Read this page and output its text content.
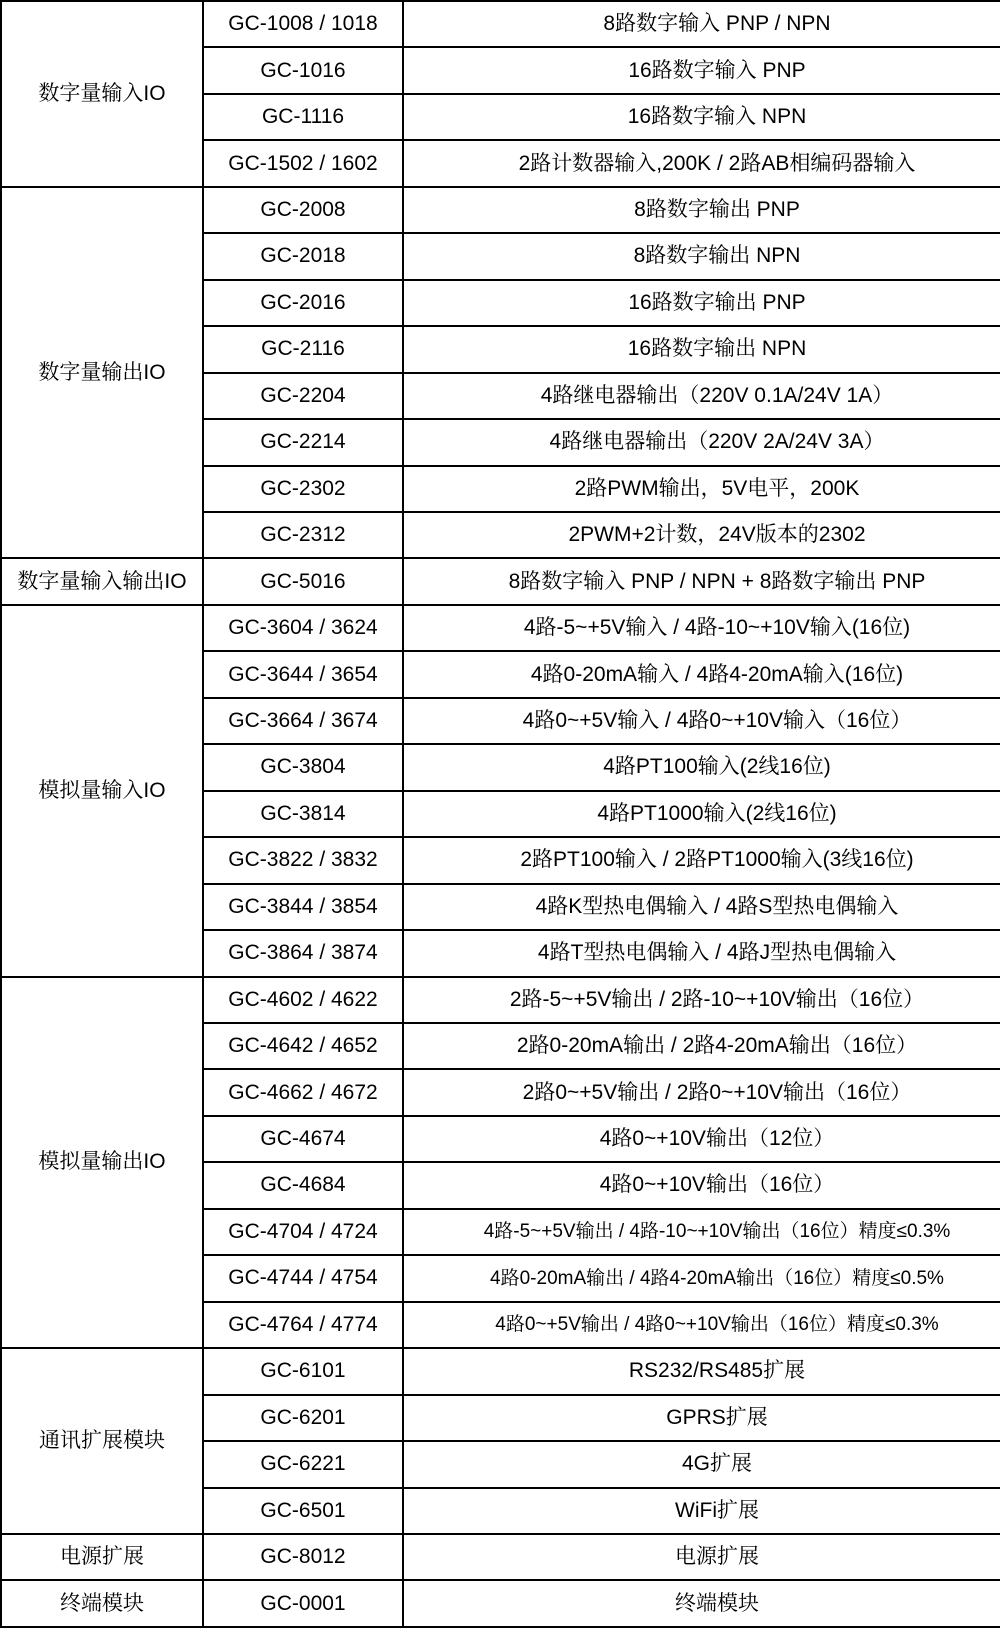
数字量输入IO	GC-1008 / 1018	8路数字输入 PNP / NPN
	GC-1016	16路数字输入 PNP
	GC-1116	16路数字输入 NPN
	GC-1502 / 1602	2路计数器输入,200K / 2路AB相编码器输入
数字量输出IO	GC-2008	8路数字输出 PNP
	GC-2018	8路数字输出 NPN
	GC-2016	16路数字输出 PNP
	GC-2116	16路数字输出 NPN
	GC-2204	4路继电器输出（220V 0.1A/24V 1A）
	GC-2214	4路继电器输出（220V 2A/24V 3A）
	GC-2302	2路PWM输出，5V电平，200K
	GC-2312	2PWM+2计数，24V版本的2302
数字量输入输出IO	GC-5016	8路数字输入 PNP / NPN + 8路数字输出 PNP
模拟量输入IO	GC-3604 / 3624	4路-5~+5V输入 / 4路-10~+10V输入(16位)
	GC-3644 / 3654	4路0-20mA输入 / 4路4-20mA输入(16位)
	GC-3664 / 3674	4路0~+5V输入 / 4路0~+10V输入（16位）
	GC-3804	4路PT100输入(2线16位)
	GC-3814	4路PT1000输入(2线16位)
	GC-3822 / 3832	2路PT100输入 / 2路PT1000输入(3线16位)
	GC-3844 / 3854	4路K型热电偶输入 / 4路S型热电偶输入
	GC-3864 / 3874	4路T型热电偶输入 / 4路J型热电偶输入
模拟量输出IO	GC-4602 / 4622	2路-5~+5V输出 / 2路-10~+10V输出（16位）
	GC-4642 / 4652	2路0-20mA输出 / 2路4-20mA输出（16位）
	GC-4662 / 4672	2路0~+5V输出 / 2路0~+10V输出（16位）
	GC-4674	4路0~+10V输出（12位）
	GC-4684	4路0~+10V输出（16位）
	GC-4704 / 4724	4路-5~+5V输出 / 4路-10~+10V输出（16位）精度≤0.3%
	GC-4744 / 4754	4路0-20mA输出 / 4路4-20mA输出（16位）精度≤0.5%
	GC-4764 / 4774	4路0~+5V输出 / 4路0~+10V输出（16位）精度≤0.3%
通讯扩展模块	GC-6101	RS232/RS485扩展
	GC-6201	GPRS扩展
	GC-6221	4G扩展
	GC-6501	WiFi扩展
电源扩展	GC-8012	电源扩展
终端模块	GC-0001	终端模块
